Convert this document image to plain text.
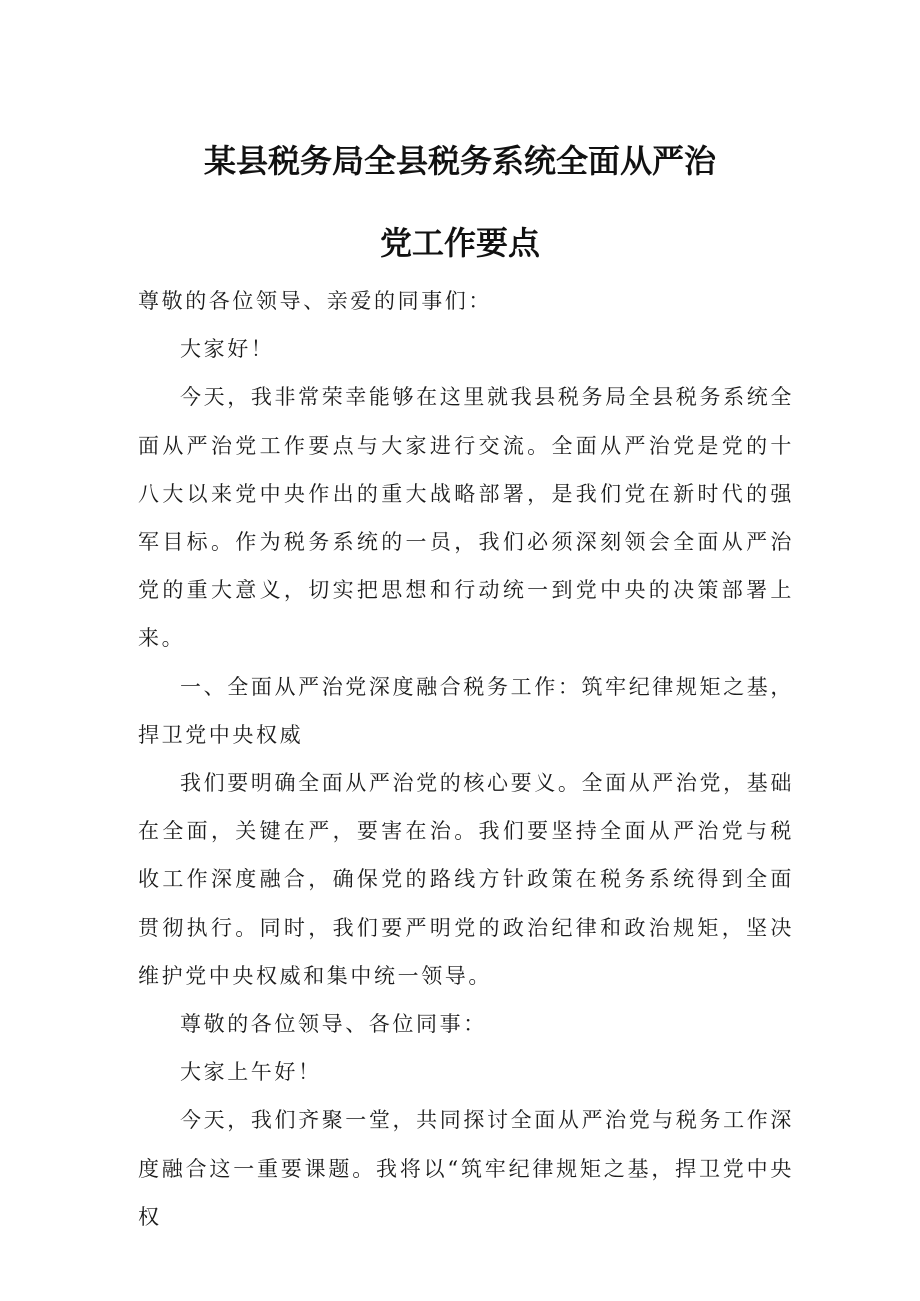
某县税务局全县税务系统全面从严治
党工作要点

尊敬的各位领导、亲爱的同事们：

大家好！

今天，我非常荣幸能够在这里就我县税务局全县税务系统全面从严治党工作要点与大家进行交流。全面从严治党是党的十八大以来党中央作出的重大战略部署，是我们党在新时代的强军目标。作为税务系统的一员，我们必须深刻领会全面从严治党的重大意义，切实把思想和行动统一到党中央的决策部署上来。

一、全面从严治党深度融合税务工作：筑牢纪律规矩之基，捍卫党中央权威

我们要明确全面从严治党的核心要义。全面从严治党，基础在全面，关键在严，要害在治。我们要坚持全面从严治党与税收工作深度融合，确保党的路线方针政策在税务系统得到全面贯彻执行。同时，我们要严明党的政治纪律和政治规矩，坚决维护党中央权威和集中统一领导。

尊敬的各位领导、各位同事：

大家上午好！

今天，我们齐聚一堂，共同探讨全面从严治党与税务工作深度融合这一重要课题。我将以“筑牢纪律规矩之基，捍卫党中央权
